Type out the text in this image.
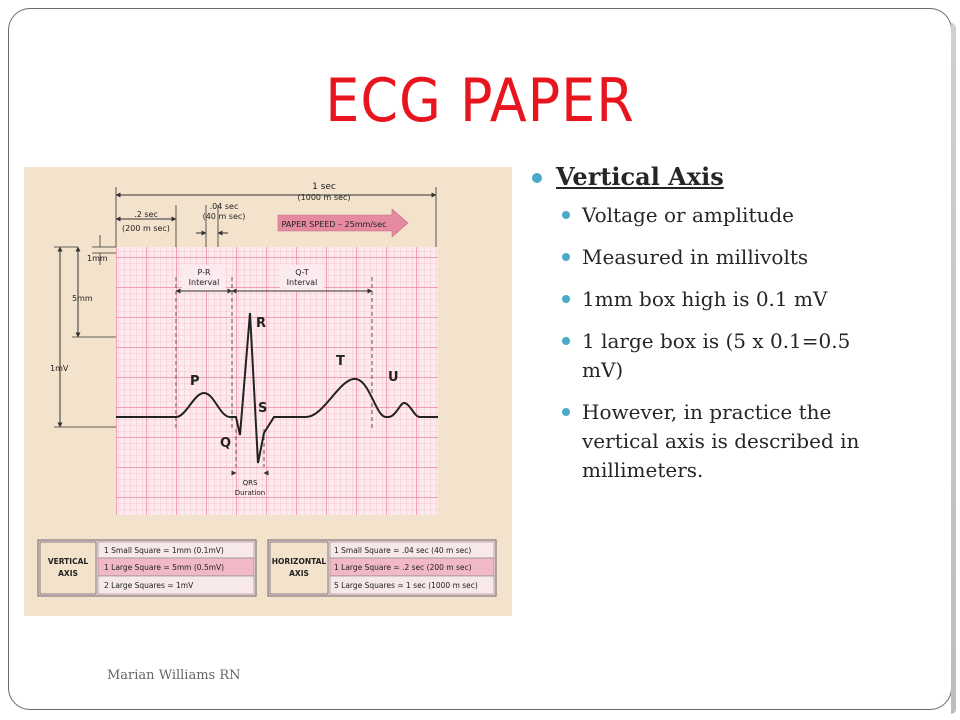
ECG PAPER
1 sec
(1000 m sec)
.2 sec
(200 m sec)
.04 sec
(40 m sec)
PAPER SPEED – 25mm/sec
1mm
5mm
1mV
P-R
Interval
Q-T
Interval
P
Q
R
S
T
U
QRS
Duration
VERTICAL
AXIS
1 Small Square = 1mm (0.1mV)
1 Large Square = 5mm (0.5mV)
2 Large Squares = 1mV
HORIZONTAL
AXIS
1 Small Square = .04 sec (40 m sec)
1 Large Square = .2 sec (200 m sec)
5 Large Squares = 1 sec (1000 m sec)
Vertical Axis
Voltage or amplitude
Measured in millivolts
1mm box high is 0.1 mV
1 large box is (5 x 0.1=0.5 mV)
However, in practice the vertical axis is described in millimeters.
Marian Williams RN
